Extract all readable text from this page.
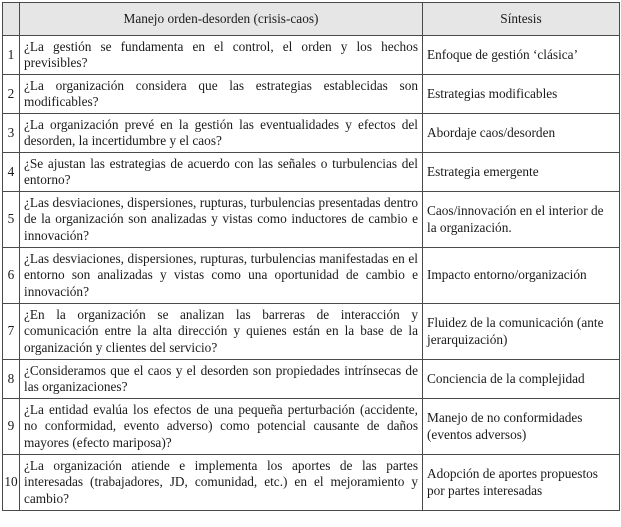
	Manejo orden-desorden (crisis-caos)	Síntesis
1	¿La gestión se fundamenta en el control, el orden y los hechos previsibles?	Enfoque de gestión ‘clásica’
2	¿La organización considera que las estrategias establecidas son modificables?	Estrategias modificables
3	¿La organización prevé en la gestión las eventualidades y efectos del desorden, la incertidumbre y el caos?	Abordaje caos/desorden
4	¿Se ajustan las estrategias de acuerdo con las señales o turbulencias del entorno?	Estrategia emergente
5	¿Las desviaciones, dispersiones, rupturas, turbulencias presentadas dentro de la organización son analizadas y vistas como inductores de cambio e innovación?	Caos/innovación en el interior de la organización.
6	¿Las desviaciones, dispersiones, rupturas, turbulencias manifestadas en el entorno son analizadas y vistas como una oportunidad de cambio e innovación?	Impacto entorno/organización
7	¿En la organización se analizan las barreras de interacción y comunicación entre la alta dirección y quienes están en la base de la organización y clientes del servicio?	Fluidez de la comunicación (ante jerarquización)
8	¿Consideramos que el caos y el desorden son propiedades intrínsecas de las organizaciones?	Conciencia de la complejidad
9	¿La entidad evalúa los efectos de una pequeña perturbación (accidente, no conformidad, evento adverso) como potencial causante de daños mayores (efecto mariposa)?	Manejo de no conformidades (eventos adversos)
10	¿La organización atiende e implementa los aportes de las partes interesadas (trabajadores, JD, comunidad, etc.) en el mejoramiento y cambio?	Adopción de aportes propuestos por partes interesadas
